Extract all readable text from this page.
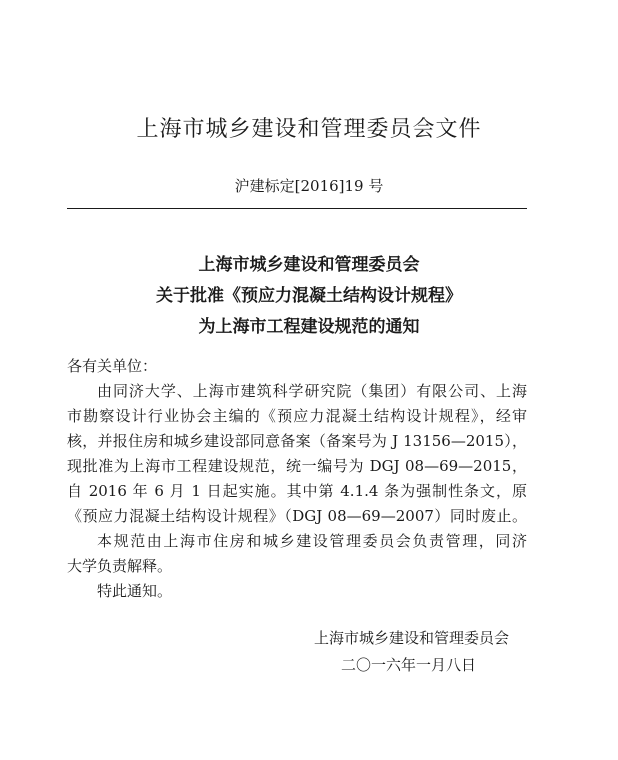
上海市城乡建设和管理委员会文件
沪建标定[2016]19 号
上海市城乡建设和管理委员会
关于批准《预应力混凝土结构设计规程》
为上海市工程建设规范的通知
各有关单位：
由同济大学、上海市建筑科学研究院（集团）有限公司、上海
市勘察设计行业协会主编的《预应力混凝土结构设计规程》，经审
核，并报住房和城乡建设部同意备案（备案号为 J 13156—2015），
现批准为上海市工程建设规范，统一编号为 DGJ 08—69—2015，
自 2016 年 6 月 1 日起实施。其中第 4.1.4 条为强制性条文，原
《预应力混凝土结构设计规程》（DGJ 08—69—2007）同时废止。
本规范由上海市住房和城乡建设管理委员会负责管理，同济
大学负责解释。
特此通知。
上海市城乡建设和管理委员会
二〇一六年一月八日
